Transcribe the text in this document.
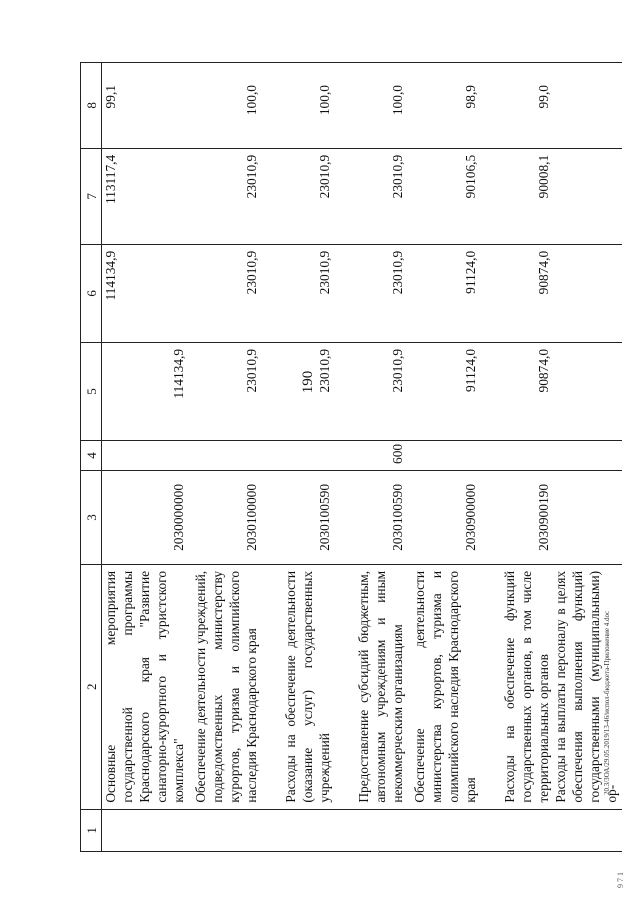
190
1	2	3	4	5	6	7	8
	Основные мероприятия государственной программы Краснодарского края "Развитие санаторно-курортного и туристского комплекса"	2030000000		114134,9	114134,9	113117,4	99,1
	Обеспечение деятельности учреждений, подведомственных министерству курортов, туризма и олимпийского наследия Краснодарского края	2030100000		23010,9	23010,9	23010,9	100,0
	Расходы на обеспечение деятельности (оказание услуг) государственных учреждений	2030100590		23010,9	23010,9	23010,9	100,0
	Предоставление субсидий бюджетным, автономным учреждениям и иным некоммерческим организациям	2030100590	600	23010,9	23010,9	23010,9	100,0
	Обеспечение деятельности министерства курортов, туризма и олимпийского наследия Краснодарского края	2030900000		91124,0	91124,0	90106,5	98,9
	Расходы на обеспечение функций государственных органов, в том числе территориальных органов	2030900190		90874,0	90874,0	90008,1	99,0
	Расходы на выплаты персоналу в целях обеспечения выполнения функций государственными (муниципальными) ор-						
20.3/ЗОА/29.05.2019/13-46/испол-бюджета-Приложение 4.doc
9 7 1
